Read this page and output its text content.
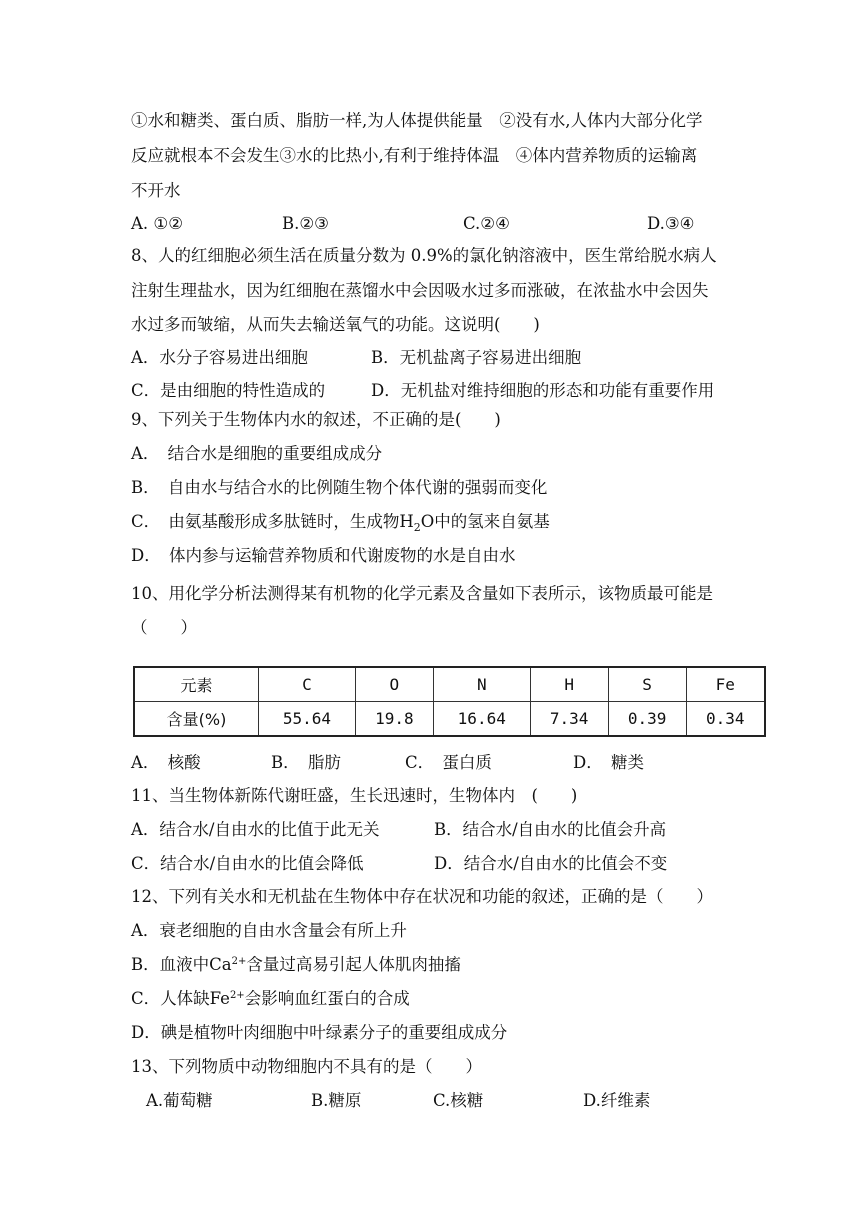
①水和糖类、蛋白质、脂肪一样,为人体提供能量　②没有水,人体内大部分化学
反应就根本不会发生③水的比热小,有利于维持体温　④体内营养物质的运输离
不开水
A. ①②	B.②③	C.②④	D.③④
8、人的红细胞必须生活在质量分数为 0.9%的氯化钠溶液中，医生常给脱水病人
注射生理盐水，因为红细胞在蒸馏水中会因吸水过多而涨破，在浓盐水中会因失
水过多而皱缩，从而失去输送氧气的功能。这说明(　　)
A．水分子容易进出细胞	B．无机盐离子容易进出细胞
C．是由细胞的特性造成的	D．无机盐对维持细胞的形态和功能有重要作用
9、下列关于生物体内水的叙述，不正确的是(　　)
A．　结合水是细胞的重要组成成分
B．　自由水与结合水的比例随生物个体代谢的强弱而变化
C．　由氨基酸形成多肽链时，生成物$H_2O$中的氢来自氨基
D．　体内参与运输营养物质和代谢废物的水是自由水
10、用化学分析法测得某有机物的化学元素及含量如下表所示，该物质最可能是
（　　）
元素	C	O	N	H	S	Fe
含量(%)	55.64	19.8	16.64	7.34	0.39	0.34
A．　核酸	B．　脂肪	C．　蛋白质	D．　糖类
11、当生物体新陈代谢旺盛，生长迅速时，生物体内　(　　)
A．结合水/自由水的比值于此无关	B．结合水/自由水的比值会升高
C．结合水/自由水的比值会降低	D．结合水/自由水的比值会不变
12、下列有关水和无机盐在生物体中存在状况和功能的叙述，正确的是（　　）
A．衰老细胞的自由水含量会有所上升
B．血液中$Ca^{2+}$含量过高易引起人体肌肉抽搐
C．人体缺$Fe^{2+}$会影响血红蛋白的合成
D．碘是植物叶肉细胞中叶绿素分子的重要组成成分
13、下列物质中动物细胞内不具有的是（　　）
A.葡萄糖	B.糖原	C.核糖	D.纤维素
